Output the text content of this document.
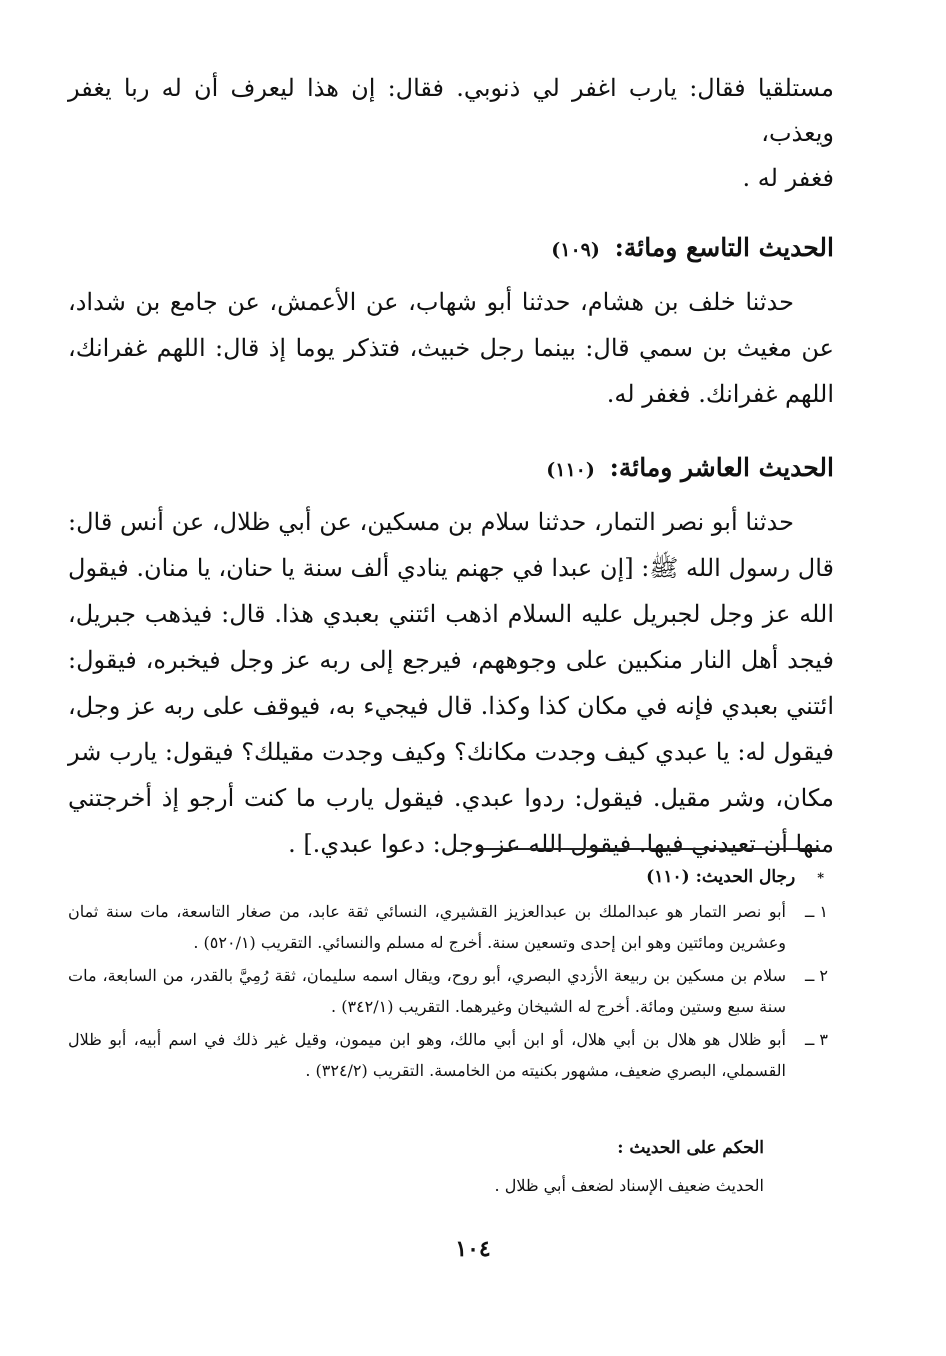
مستلقيا فقال: يارب اغفر لي ذنوبي. فقال: إن هذا ليعرف أن له ربا يغفر ويعذب،
فغفر له .
الحديث التاسع ومائة: (١٠٩)
حدثنا خلف بن هشام، حدثنا أبو شهاب، عن الأعمش، عن جامع بن شداد، عن مغيث بن سمي قال: بينما رجل خبيث، فتذكر يوما إذ قال: اللهم غفرانك، اللهم غفرانك. فغفر له.
الحديث العاشر ومائة: (١١٠)
حدثنا أبو نصر التمار، حدثنا سلام بن مسكين، عن أبي ظلال، عن أنس قال: قال رسول الله ﷺ: [إن عبدا في جهنم ينادي ألف سنة يا حنان، يا منان. فيقول الله عز وجل لجبريل عليه السلام اذهب ائتني بعبدي هذا. قال: فيذهب جبريل، فيجد أهل النار منكبين على وجوههم، فيرجع إلى ربه عز وجل فيخبره، فيقول: ائتني بعبدي فإنه في مكان كذا وكذا. قال فيجيء به، فيوقف على ربه عز وجل، فيقول له: يا عبدي كيف وجدت مكانك؟ وكيف وجدت مقيلك؟ فيقول: يارب شر مكان، وشر مقيل. فيقول: ردوا عبدي. فيقول يارب ما كنت أرجو إذ أخرجتني منها أن تعيدني فيها. فيقول الله عز وجل: دعوا عبدي.] .
* رجال الحديث: (١١٠)
١ ــ
أبو نصر التمار هو عبدالملك بن عبدالعزيز القشيري، النسائي ثقة عابد، من صغار التاسعة، مات سنة ثمان وعشرين ومائتين وهو ابن إحدى وتسعين سنة. أخرج له مسلم والنسائي. التقريب (٥٢٠/١) .
٢ ــ
سلام بن مسكين بن ربيعة الأزدي البصري، أبو روح، ويقال اسمه سليمان، ثقة رُمِيَّ بالقدر، من السابعة، مات سنة سبع وستين ومائة. أخرج له الشيخان وغيرهما. التقريب (٣٤٢/١) .
٣ ــ
أبو ظلال هو هلال بن أبي هلال، أو ابن أبي مالك، وهو ابن ميمون، وقيل غير ذلك في اسم أبيه، أبو ظلال القسملي، البصري ضعيف، مشهور بكنيته من الخامسة. التقريب (٣٢٤/٢) .
الحكم على الحديث :
الحديث ضعيف الإسناد لضعف أبي ظلال .
١٠٤
